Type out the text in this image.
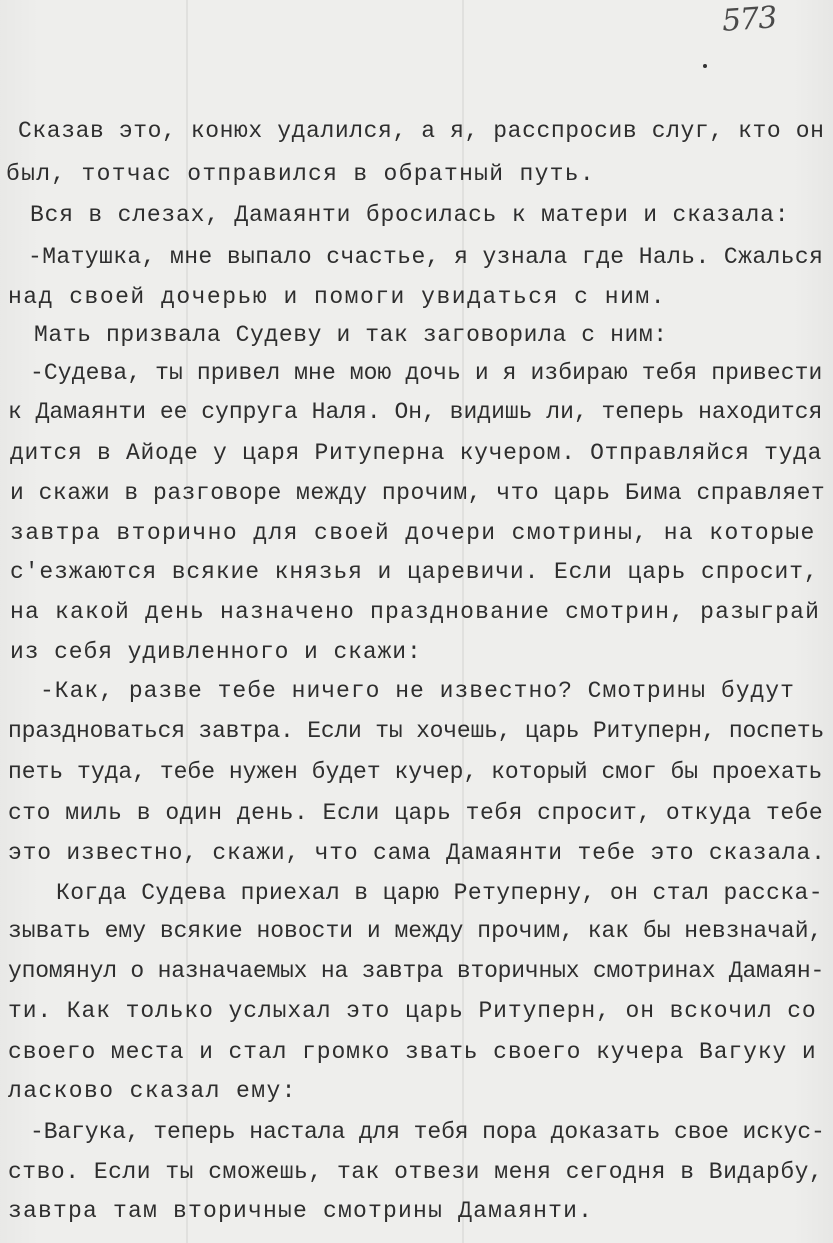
573
Сказав это, конюх удалился, а я, расспросив слуг, кто он
был, тотчас отправился в обратный путь.
Вся в слезах, Дамаянти бросилась к матери и сказала:
-Матушка, мне выпало счастье, я узнала где Наль. Сжалься
над своей дочерью и помоги увидаться с ним.
Мать призвала Судеву и так заговорила с ним:
-Судева, ты привел мне мою дочь и я избираю тебя привести
к Дамаянти ее супруга Наля. Он, видишь ли, теперь находится
дится в Айоде у царя Ритуперна кучером. Отправляйся туда
и скажи в разговоре между прочим, что царь Бима справляет
завтра вторично для своей дочери смотрины, на которые
с'езжаются всякие князья и царевичи. Если царь спросит,
на какой день назначено празднование смотрин, разыграй
из себя удивленного и скажи:
-Как, разве тебе ничего не известно? Смотрины будут
праздноваться завтра. Если ты хочешь, царь Ритуперн, поспеть
петь туда, тебе нужен будет кучер, который смог бы проехать
сто миль в один день. Если царь тебя спросит, откуда тебе
это известно, скажи, что сама Дамаянти тебе это сказала.
Когда Судева приехал в царю Ретуперну, он стал расска-
зывать ему всякие новости и между прочим, как бы невзначай,
упомянул о назначаемых на завтра вторичных смотринах Дамаян-
ти. Как только услыхал это царь Ритуперн, он вскочил со
своего места и стал громко звать своего кучера Вагуку и
ласково сказал ему:
-Вагука, теперь настала для тебя пора доказать свое искус-
ство. Если ты сможешь, так отвези меня сегодня в Видарбу,
завтра там вторичные смотрины Дамаянти.
